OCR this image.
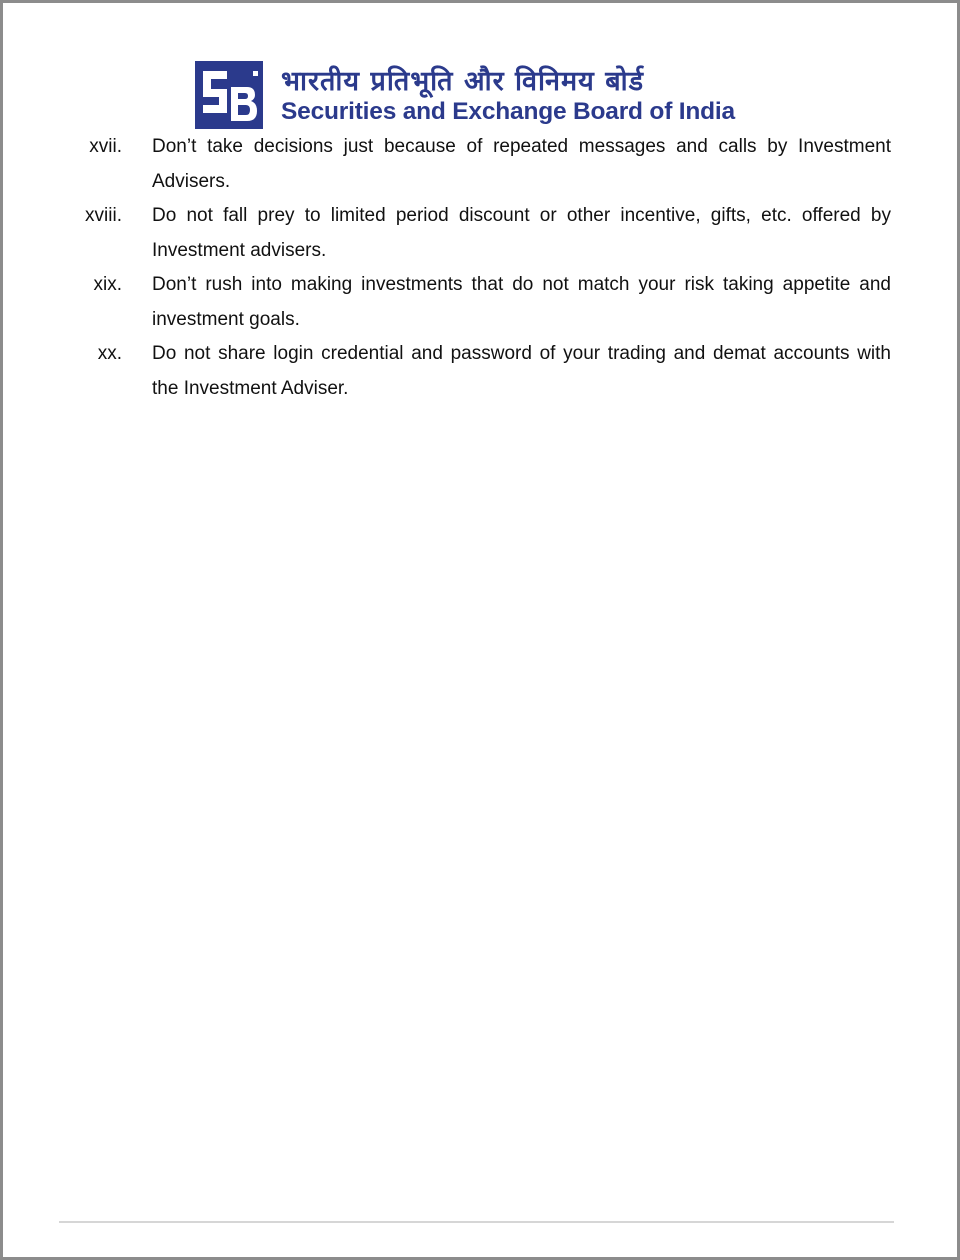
भारतीय प्रतिभूति और विनिमय बोर्ड
Securities and Exchange Board of India
xvii. Don’t take decisions just because of repeated messages and calls by Investment Advisers.
xviii. Do not fall prey to limited period discount or other incentive, gifts, etc. offered by Investment advisers.
xix. Don’t rush into making investments that do not match your risk taking appetite and investment goals.
xx. Do not share login credential and password of your trading and demat accounts with the Investment Adviser.
